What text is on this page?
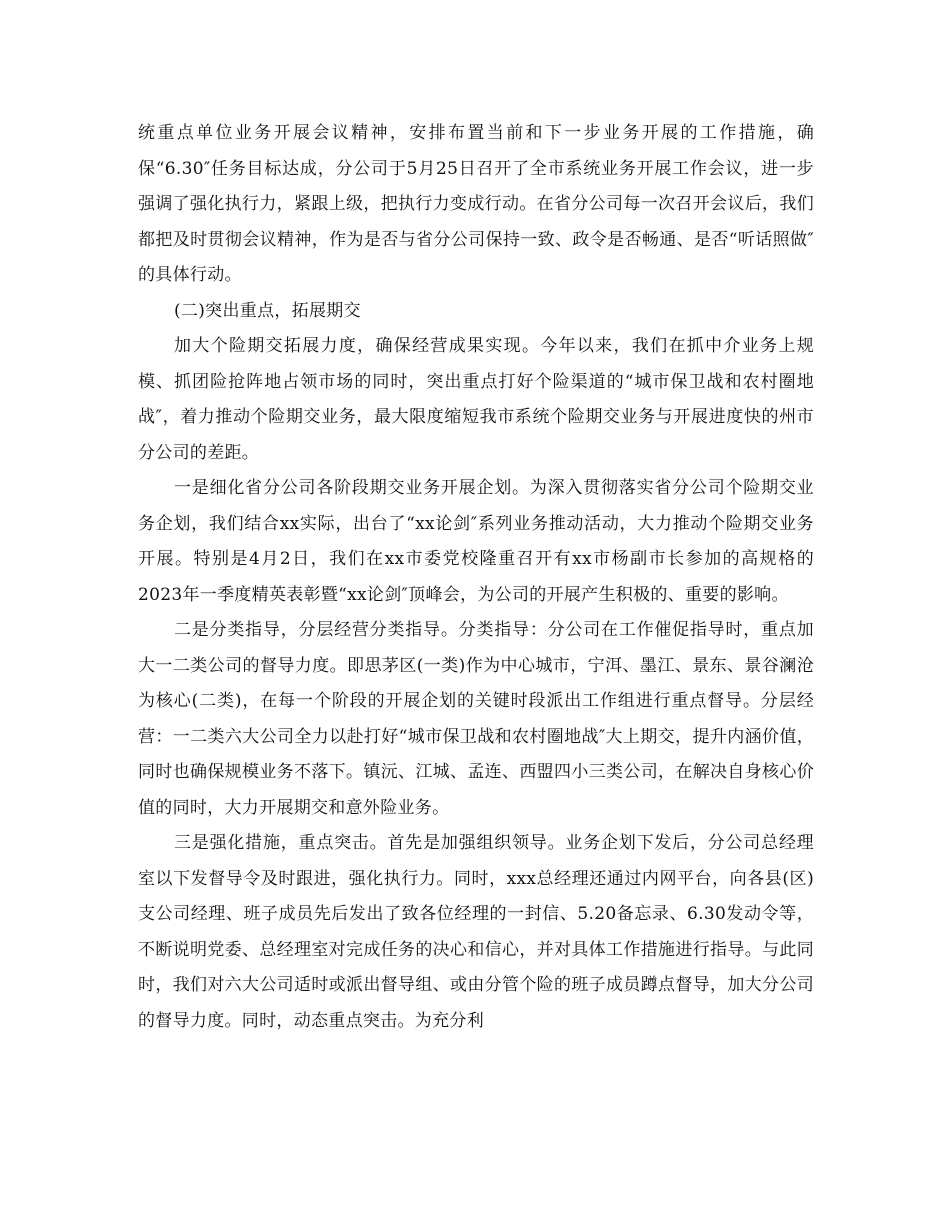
统重点单位业务开展会议精神，安排布置当前和下一步业务开展的工作措施，确保“6.30″任务目标达成，分公司于5月25日召开了全市系统业务开展工作会议，进一步强调了强化执行力，紧跟上级，把执行力变成行动。在省分公司每一次召开会议后，我们都把及时贯彻会议精神，作为是否与省分公司保持一致、政令是否畅通、是否“听话照做″的具体行动。

(二)突出重点，拓展期交

加大个险期交拓展力度，确保经营成果实现。今年以来，我们在抓中介业务上规模、抓团险抢阵地占领市场的同时，突出重点打好个险渠道的“城市保卫战和农村圈地战″，着力推动个险期交业务，最大限度缩短我市系统个险期交业务与开展进度快的州市分公司的差距。

一是细化省分公司各阶段期交业务开展企划。为深入贯彻落实省分公司个险期交业务企划，我们结合xx实际，出台了“xx论剑″系列业务推动活动，大力推动个险期交业务开展。特别是4月2日，我们在xx市委党校隆重召开有xx市杨副市长参加的高规格的2023年一季度精英表彰暨“xx论剑″顶峰会，为公司的开展产生积极的、重要的影响。

二是分类指导，分层经营分类指导。分类指导：分公司在工作催促指导时，重点加大一二类公司的督导力度。即思茅区(一类)作为中心城市，宁洱、墨江、景东、景谷澜沧为核心(二类)，在每一个阶段的开展企划的关键时段派出工作组进行重点督导。分层经营：一二类六大公司全力以赴打好“城市保卫战和农村圈地战″大上期交，提升内涵价值，同时也确保规模业务不落下。镇沅、江城、孟连、西盟四小三类公司，在解决自身核心价值的同时，大力开展期交和意外险业务。

三是强化措施，重点突击。首先是加强组织领导。业务企划下发后，分公司总经理室以下发督导令及时跟进，强化执行力。同时，xxx总经理还通过内网平台，向各县(区)支公司经理、班子成员先后发出了致各位经理的一封信、5.20备忘录、6.30发动令等，不断说明党委、总经理室对完成任务的决心和信心，并对具体工作措施进行指导。与此同时，我们对六大公司适时或派出督导组、或由分管个险的班子成员蹲点督导，加大分公司的督导力度。同时，动态重点突击。为充分利
